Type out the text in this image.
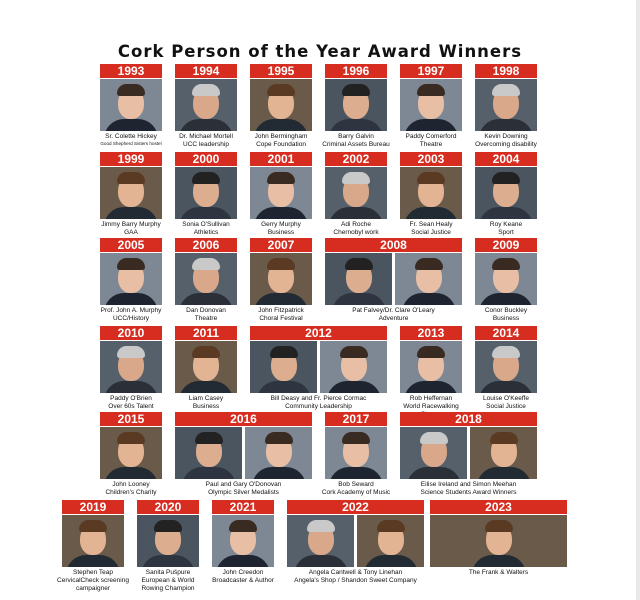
Cork Person of the Year Award Winners
1993
Sr. Colette Hickey
Good Shepherd Sisters hostel
1994
Dr. Michael Mortell
UCC leadership
1995
John Bermingham
Cope Foundation
1996
Barry Galvin
Criminal Assets Bureau
1997
Paddy Comerford
Theatre
1998
Kevin Downing
Overcoming disability
1999
Jimmy Barry Murphy
GAA
2000
Sonia O'Sullivan
Athletics
2001
Gerry Murphy
Business
2002
Adi Roche
Chernobyl work
2003
Fr. Sean Healy
Social Justice
2004
Roy Keane
Sport
2005
Prof. John A. Murphy
UCC/History
2006
Dan Donovan
Theatre
2007
John Fitzpatrick
Choral Festival
2008
Pat Falvey/Dr. Clare O'Leary
Adventure
2009
Conor Buckley
Business
2010
Paddy O'Brien
Over 60s Talent
2011
Liam Casey
Business
2012
Bill Deasy and Fr. Pierce Cormac
Community Leadership
2013
Rob Heffernan
World Racewalking
2014
Louise O'Keeffe
Social Justice
2015
John Looney
Children's Charity
2016
Paul and Gary O'Donovan
Olympic Silver Medalists
2017
Bob Seward
Cork Academy of Music
2018
Eilise Ireland and Simon Meehan
Science Students Award Winners
2019
Stephen Teap
CervicalCheck screening campaigner
2020
Sanita Pušpure
European & World Rowing Champion
2021
John Creedon
Broadcaster & Author
2022
Angela Cantwell & Tony Linehan
Angela's Shop / Shandon Sweet Company
2023
The Frank & Walters
